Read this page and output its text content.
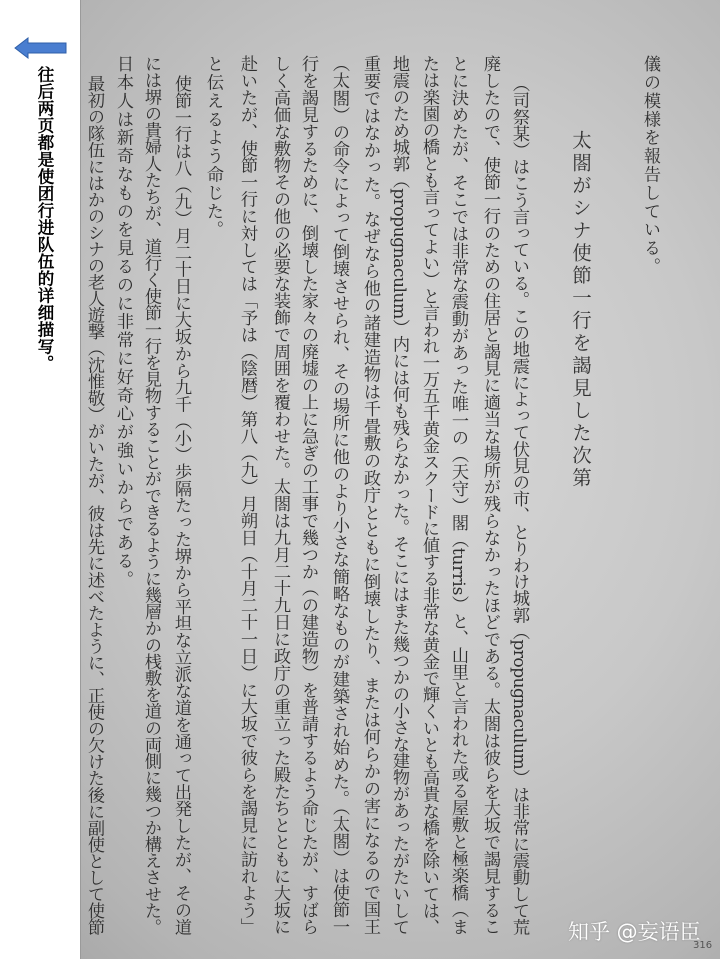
太閤がシナ使節一行を謁見した次第	儀の模様を報告している。
（司祭某）はこう言っている。この地震によって伏見の市、とりわけ城郭（propugnaculum）は非常に震動して荒
廃したので、使節一行のための住居と謁見に適当な場所が残らなかったほどである。太閤は彼らを大坂で謁見するこ
とに決めたが、そこでは非常な震動があった唯一の（天守）閣（turris）と、山里と言われた或る屋敷と極楽橋（ま
たは楽園の橋とも言ってよい）と言われ一万五千黄金スクードに値する非常な黄金で輝くいとも高貴な橋を除いては、
地震のため城郭（propugnaculum）内には何も残らなかった。そこにはまた幾つかの小さな建物があったがたいして
重要ではなかった。なぜなら他の諸建造物は千畳敷の政庁とともに倒壊したり、または何らかの害になるので国王
（太閤）の命令によって倒壊させられ、その場所に他のより小さな簡略なものが建築され始めた。（太閤）は使節一
行を謁見するために、倒壊した家々の廃墟の上に急ぎの工事で幾つか（の建造物）を普請するよう命じたが、すばら
しく高価な敷物その他の必要な装飾で周囲を覆わせた。太閤は九月二十九日に政庁の重立った殿たちとともに大坂に
赴いたが、使節一行に対しては「予は（陰暦）第八（九）月朔日（十月二十一日）に大坂で彼らを謁見に訪れよう」
と伝えるよう命じた。
使節一行は八（九）月二十日に大坂から九千（小）歩隔たった堺から平坦な立派な道を通って出発したが、その道
には堺の貴婦人たちが、道行く使節一行を見物することができるように幾層かの桟敷を道の両側に幾つか構えさせた。
日本人は新奇なものを見るのに非常に好奇心が強いからである。
最初の隊伍にはかのシナの老人遊撃（沈惟敬）がいたが、彼は先に述べたように、正使の欠けた後に副使として使節
316
往后两页都是使团行进队伍的详细描写。
知乎 @妄语臣
